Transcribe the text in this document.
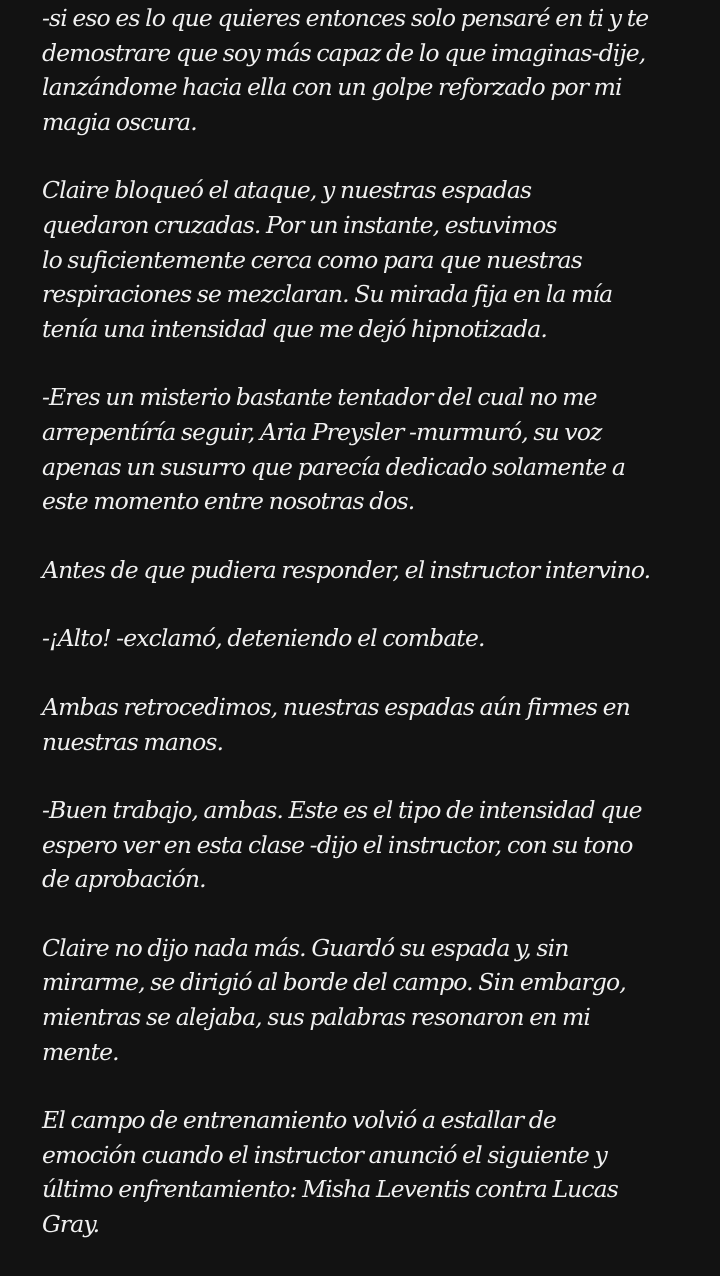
-si eso es lo que quieres entonces solo pensaré en ti y te
demostrare que soy más capaz de lo que imaginas-dije,
lanzándome hacia ella con un golpe reforzado por mi
magia oscura.
Claire bloqueó el ataque, y nuestras espadas
quedaron cruzadas. Por un instante, estuvimos
lo suficientemente cerca como para que nuestras
respiraciones se mezclaran. Su mirada fija en la mía
tenía una intensidad que me dejó hipnotizada.
-Eres un misterio bastante tentador del cual no me
arrepentíría seguir, Aria Preysler -murmuró, su voz
apenas un susurro que parecía dedicado solamente a
este momento entre nosotras dos.
Antes de que pudiera responder, el instructor intervino.
-¡Alto! -exclamó, deteniendo el combate.
Ambas retrocedimos, nuestras espadas aún firmes en
nuestras manos.
-Buen trabajo, ambas. Este es el tipo de intensidad que
espero ver en esta clase -dijo el instructor, con su tono
de aprobación.
Claire no dijo nada más. Guardó su espada y, sin
mirarme, se dirigió al borde del campo. Sin embargo,
mientras se alejaba, sus palabras resonaron en mi
mente.
El campo de entrenamiento volvió a estallar de
emoción cuando el instructor anunció el siguiente y
último enfrentamiento: Misha Leventis contra Lucas
Gray.
